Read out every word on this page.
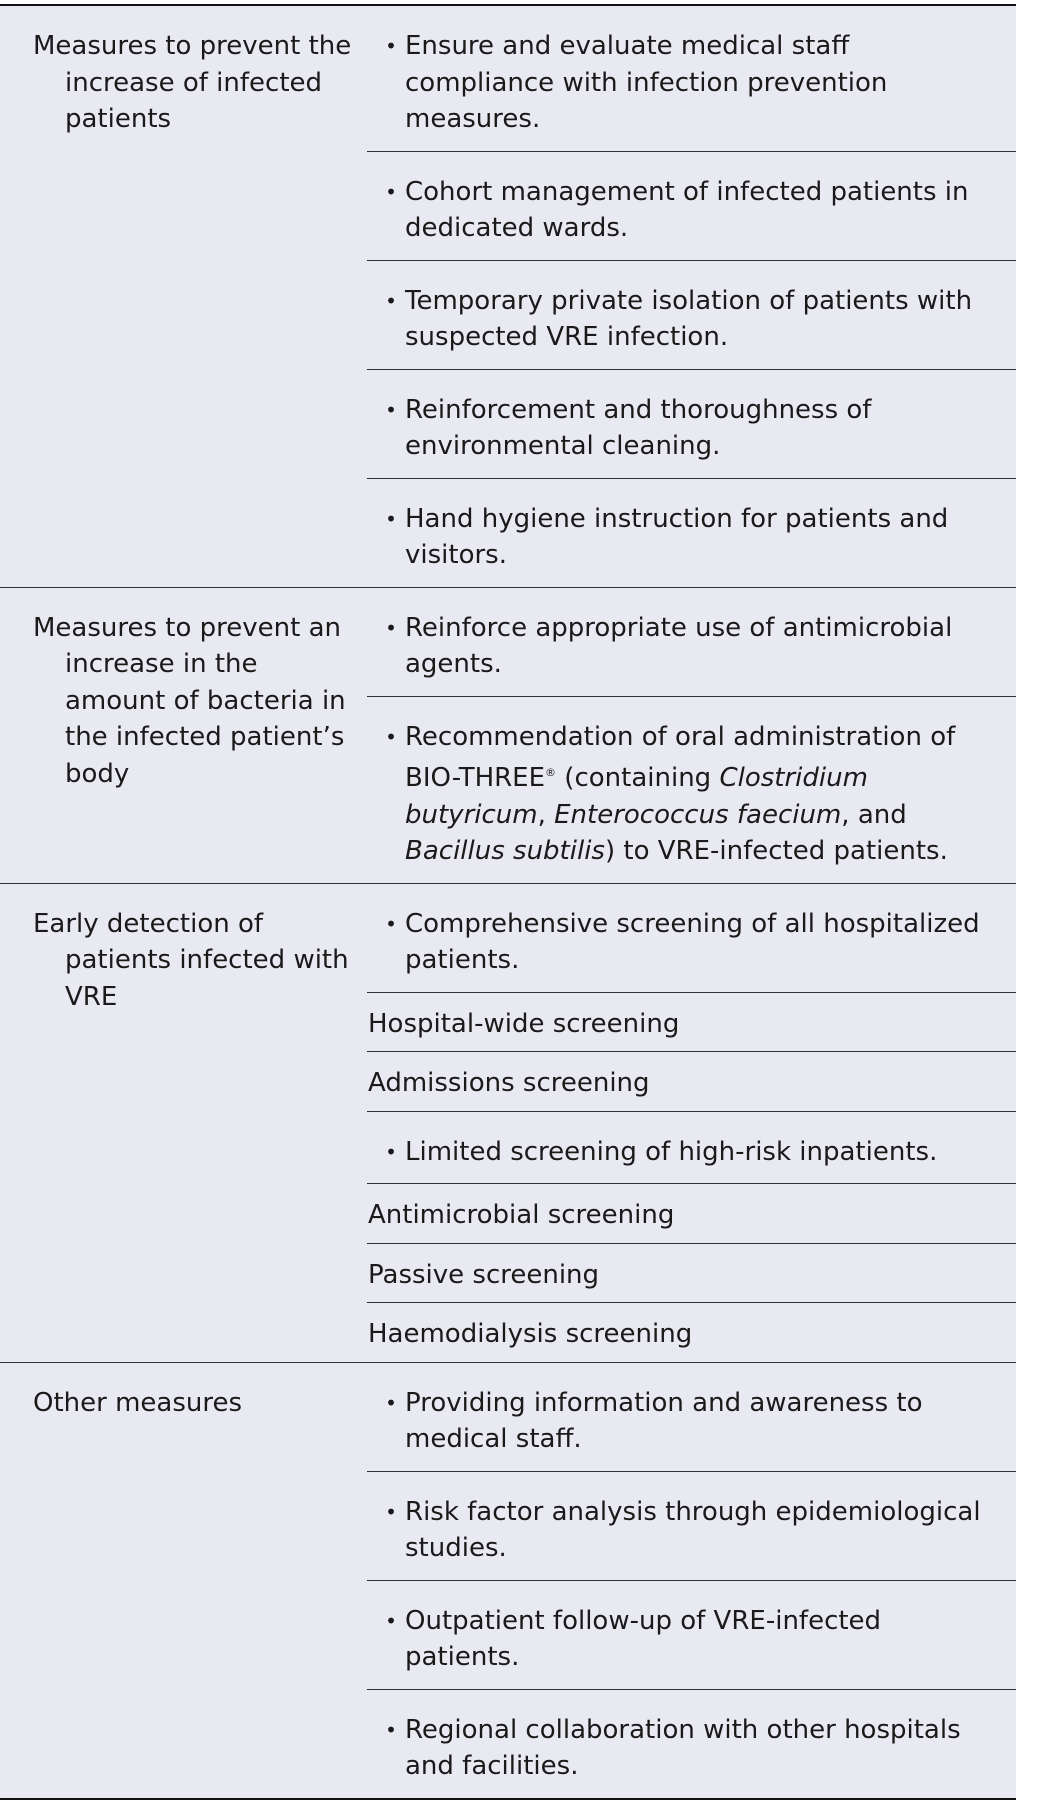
Measures to prevent the increase of infected patients
• Ensure and evaluate medical staff compliance with infection prevention measures.
• Cohort management of infected patients in dedicated wards.
• Temporary private isolation of patients with suspected VRE infection.
• Reinforcement and thoroughness of environmental cleaning.
• Hand hygiene instruction for patients and visitors.
Measures to prevent an increase in the amount of bacteria in the infected patient’s body
• Reinforce appropriate use of antimicrobial agents.
• Recommendation of oral administration of BIO-THREE® (containing Clostridium butyricum, Enterococcus faecium, and Bacillus subtilis) to VRE-infected patients.
Early detection of patients infected with VRE
• Comprehensive screening of all hospitalized patients.
Hospital-wide screening
Admissions screening
• Limited screening of high-risk inpatients.
Antimicrobial screening
Passive screening
Haemodialysis screening
Other measures	• Providing information and awareness to medical staff.
• Risk factor analysis through epidemiological studies.
• Outpatient follow-up of VRE-infected patients.
• Regional collaboration with other hospitals and facilities.
